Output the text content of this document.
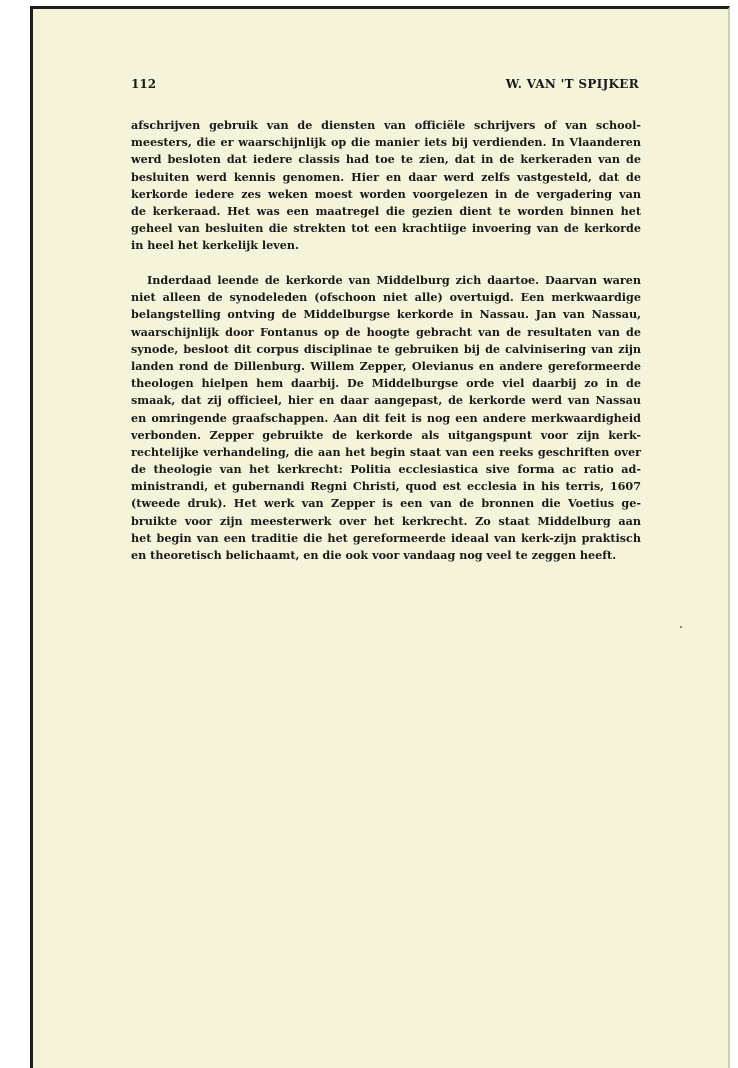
112	W. VAN 'T SPIJKER
afschrijven gebruik van de diensten van officiële schrijvers of van school-
meesters, die er waarschijnlijk op die manier iets bij verdienden. In Vlaanderen
werd besloten dat iedere classis had toe te zien, dat in de kerkeraden van de
besluiten werd kennis genomen. Hier en daar werd zelfs vastgesteld, dat de
kerkorde iedere zes weken moest worden voorgelezen in de vergadering van
de kerkeraad. Het was een maatregel die gezien dient te worden binnen het
geheel van besluiten die strekten tot een krachtiige invoering van de kerkorde
in heel het kerkelijk leven.
Inderdaad leende de kerkorde van Middelburg zich daartoe. Daarvan waren
niet alleen de synodeleden (ofschoon niet alle) overtuigd. Een merkwaardige
belangstelling ontving de Middelburgse kerkorde in Nassau. Jan van Nassau,
waarschijnlijk door Fontanus op de hoogte gebracht van de resultaten van de
synode, besloot dit corpus disciplinae te gebruiken bij de calvinisering van zijn
landen rond de Dillenburg. Willem Zepper, Olevianus en andere gereformeerde
theologen hielpen hem daarbij. De Middelburgse orde viel daarbij zo in de
smaak, dat zij officieel, hier en daar aangepast, de kerkorde werd van Nassau
en omringende graafschappen. Aan dit feit is nog een andere merkwaardigheid
verbonden. Zepper gebruikte de kerkorde als uitgangspunt voor zijn kerk-
rechtelijke verhandeling, die aan het begin staat van een reeks geschriften over
de theologie van het kerkrecht: Politia ecclesiastica sive forma ac ratio ad-
ministrandi, et gubernandi Regni Christi, quod est ecclesia in his terris, 1607
(tweede druk). Het werk van Zepper is een van de bronnen die Voetius ge-
bruikte voor zijn meesterwerk over het kerkrecht. Zo staat Middelburg aan
het begin van een traditie die het gereformeerde ideaal van kerk-zijn praktisch
en theoretisch belichaamt, en die ook voor vandaag nog veel te zeggen heeft.
